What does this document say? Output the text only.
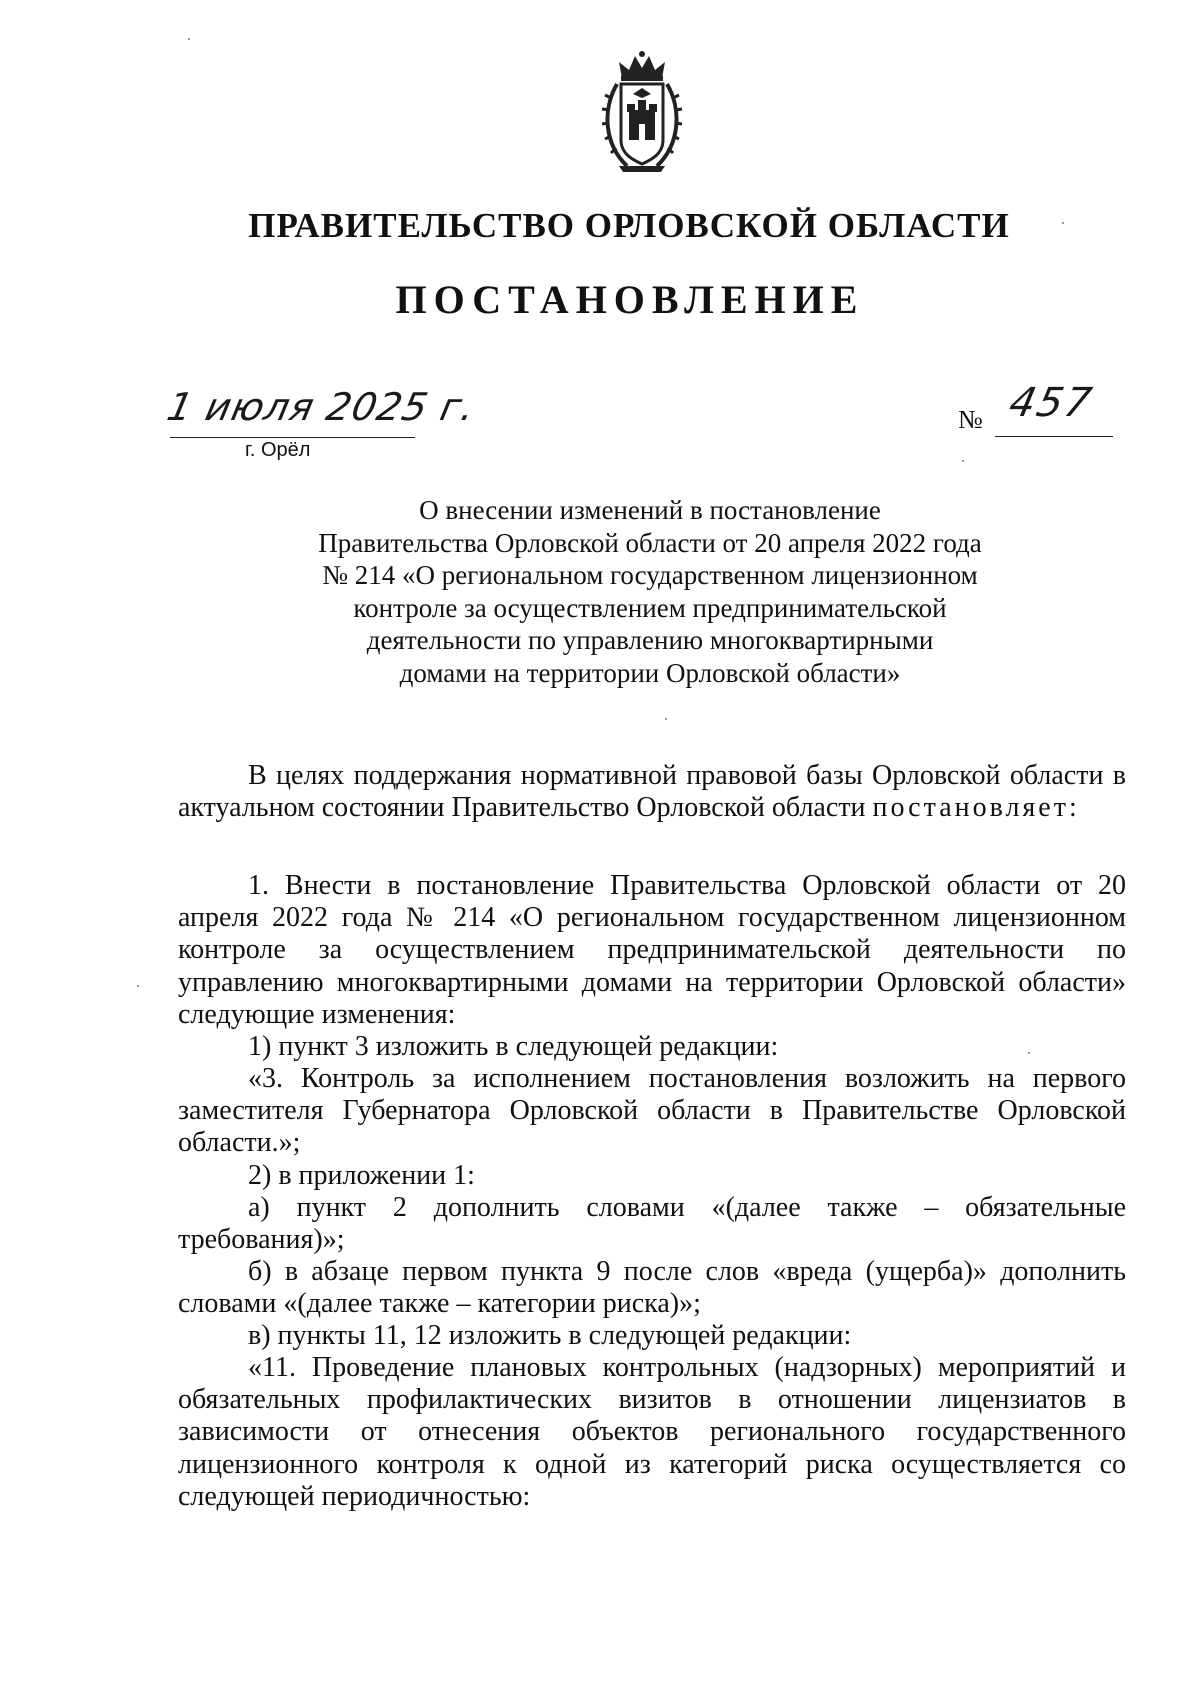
ПРАВИТЕЛЬСТВО ОРЛОВСКОЙ ОБЛАСТИ
ПОСТАНОВЛЕНИЕ
1 июля 2025 г.
г. Орёл
№ 457
О внесении изменений в постановление
Правительства Орловской области от 20 апреля 2022 года
№ 214 «О региональном государственном лицензионном
контроле за осуществлением предпринимательской
деятельности по управлению многоквартирными
домами на территории Орловской области»

В целях поддержания нормативной правовой базы Орловской области в актуальном состоянии Правительство Орловской области постановляет:

1. Внести в постановление Правительства Орловской области от 20 апреля 2022 года № 214 «О региональном государственном лицензионном контроле за осуществлением предпринимательской деятельности по управлению многоквартирными домами на территории Орловской области» следующие изменения:

1) пункт 3 изложить в следующей редакции:

«3. Контроль за исполнением постановления возложить на первого заместителя Губернатора Орловской области в Правительстве Орловской области.»;

2) в приложении 1:

а) пункт 2 дополнить словами «(далее также – обязательные требования)»;

б) в абзаце первом пункта 9 после слов «вреда (ущерба)» дополнить словами «(далее также – категории риска)»;

в) пункты 11, 12 изложить в следующей редакции:

«11. Проведение плановых контрольных (надзорных) мероприятий и обязательных профилактических визитов в отношении лицензиатов в зависимости от отнесения объектов регионального государственного лицензионного контроля к одной из категорий риска осуществляется со следующей периодичностью:
